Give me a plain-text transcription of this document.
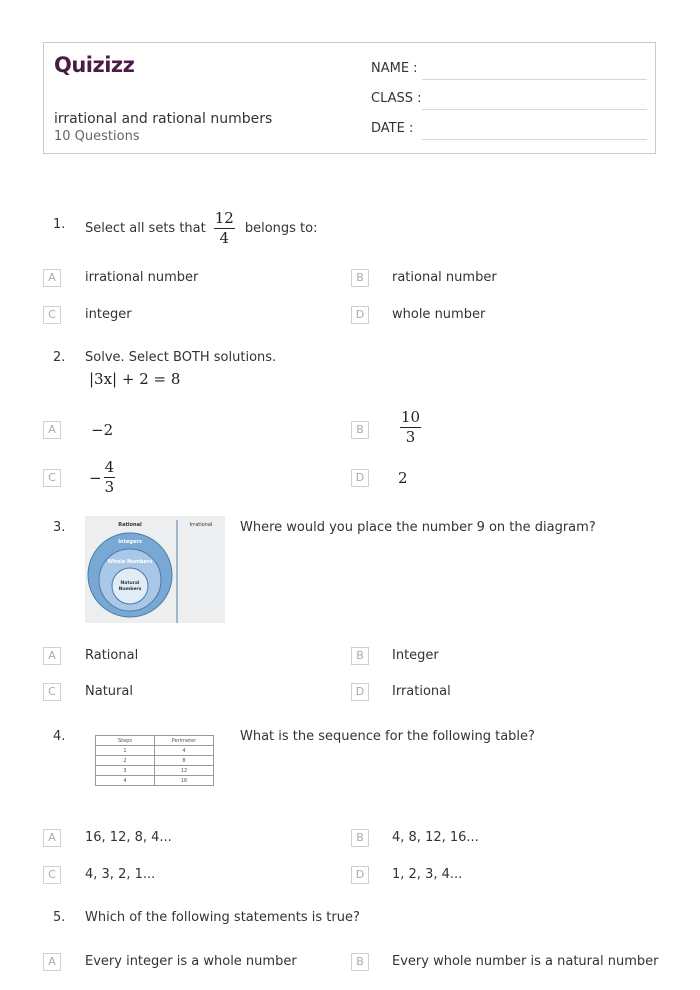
Quizizz
irrational and rational numbers
10 Questions
NAME :
CLASS :
DATE :
1. Select all sets that $\frac{12}{4}$ belongs to:
A	irrational number	B	rational number
C	integer	D	whole number
2. Solve. Select BOTH solutions.
|3x| + 2 = 8
A	−2	B	$\frac{10}{3}$
C	− $\frac{4}{3}$	D	2
3.	Rational	Irrational
Integers
Whole Numbers
Natural
Numbers
Where would you place the number 9 on the diagram?
A	Rational	B	Integer
C	Natural	D	Irrational
4.	Steps	Perimeter
1	4
2	8
3	12
4	16
What is the sequence for the following table?
A	16, 12, 8, 4...	B	4, 8, 12, 16...
C	4, 3, 2, 1...	D	1, 2, 3, 4...
5. Which of the following statements is true?
A	Every integer is a whole number	B	Every whole number is a natural number
